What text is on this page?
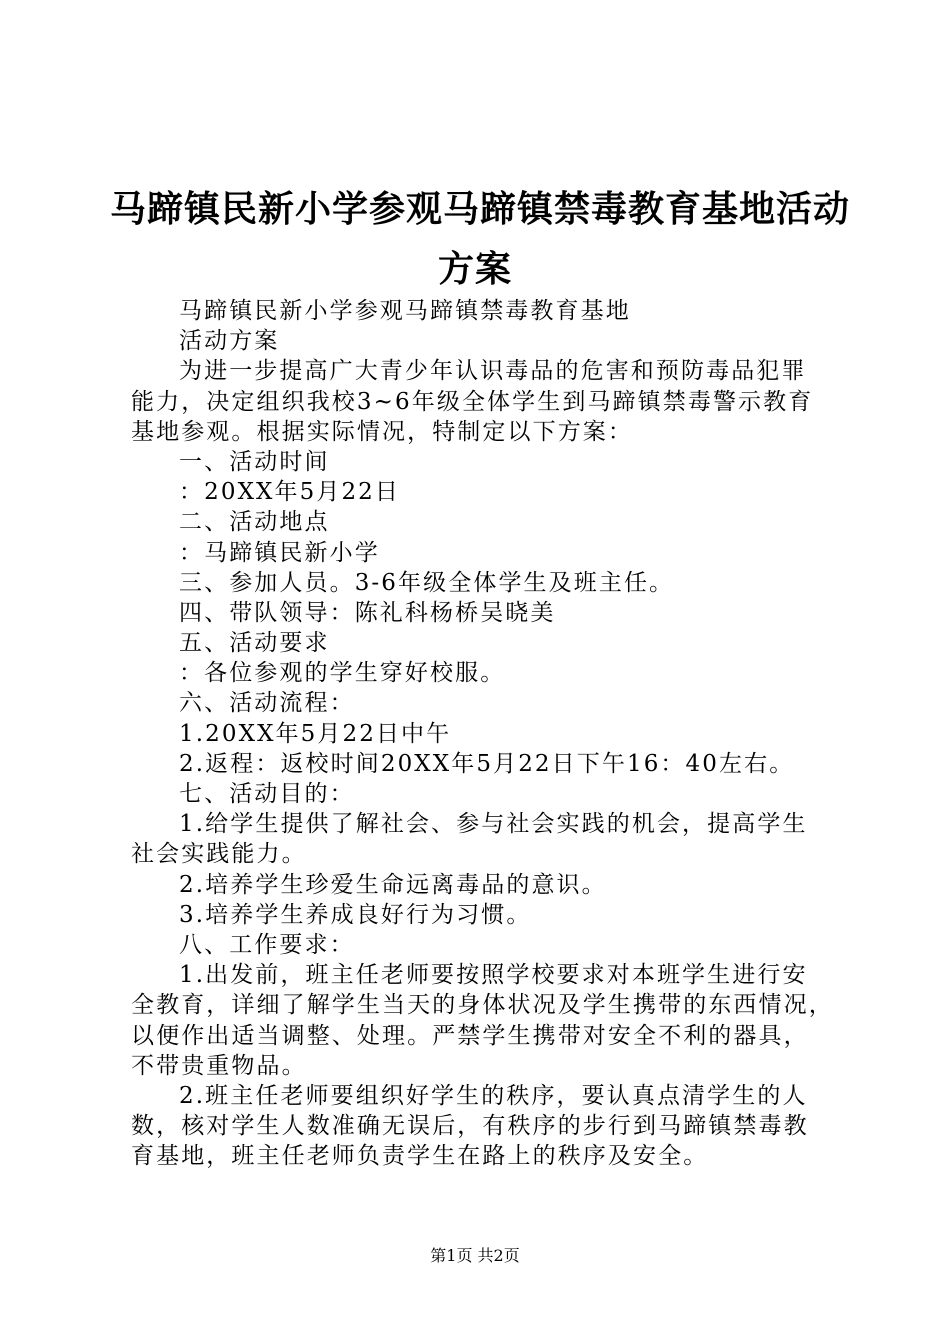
马蹄镇民新小学参观马蹄镇禁毒教育基地活动
方案
马蹄镇民新小学参观马蹄镇禁毒教育基地
活动方案
为进一步提高广大青少年认识毒品的危害和预防毒品犯罪
能力，决定组织我校3~6年级全体学生到马蹄镇禁毒警示教育
基地参观。根据实际情况，特制定以下方案：
一、活动时间
：20XX年5月22日
二、活动地点
：马蹄镇民新小学
三、参加人员。3-6年级全体学生及班主任。
四、带队领导：陈礼科杨桥吴晓美
五、活动要求
：各位参观的学生穿好校服。
六、活动流程：
1.20XX年5月22日中午
2.返程：返校时间20XX年5月22日下午16：40左右。
七、活动目的：
1.给学生提供了解社会、参与社会实践的机会，提高学生
社会实践能力。
2.培养学生珍爱生命远离毒品的意识。
3.培养学生养成良好行为习惯。
八、工作要求：
1.出发前，班主任老师要按照学校要求对本班学生进行安
全教育，详细了解学生当天的身体状况及学生携带的东西情况，
以便作出适当调整、处理。严禁学生携带对安全不利的器具，
不带贵重物品。
2.班主任老师要组织好学生的秩序，要认真点清学生的人
数，核对学生人数准确无误后，有秩序的步行到马蹄镇禁毒教
育基地，班主任老师负责学生在路上的秩序及安全。
第1页 共2页
